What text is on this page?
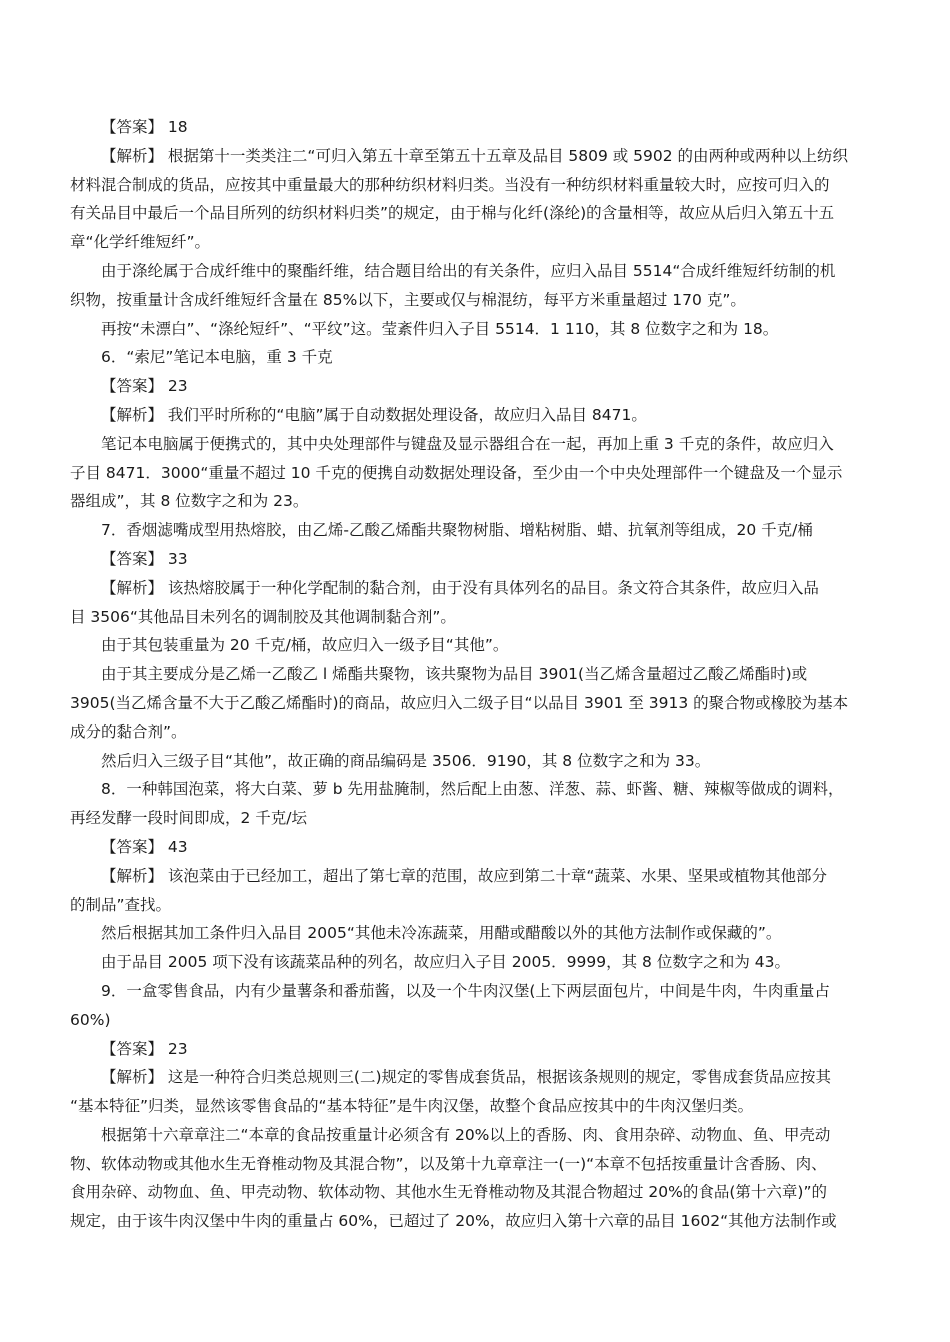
【答案】 18
【解析】 根据第十一类类注二“可归入第五十章至第五十五章及品目 5809 或 5902 的由两种或两种以上纺织
材料混合制成的货品，应按其中重量最大的那种纺织材料归类。当没有一种纺织材料重量较大时，应按可归入的
有关品目中最后一个品目所列的纺织材料归类”的规定，由于棉与化纤(涤纶)的含量相等，故应从后归入第五十五
章“化学纤维短纤”。
由于涤纶属于合成纤维中的聚酯纤维，结合题目给出的有关条件，应归入品目 5514“合成纤维短纤纺制的机
织物，按重量计含成纤维短纤含量在 85%以下，主要或仅与棉混纺，每平方米重量超过 170 克”。
再按“未漂白”、“涤纶短纤”、“平纹”这。莹紊件归入子目 5514．1 110，其 8 位数字之和为 18。
6．“索尼”笔记本电脑，重 3 千克
【答案】 23
【解析】 我们平时所称的“电脑”属于自动数据处理设备，故应归入品目 8471。
笔记本电脑属于便携式的，其中央处理部件与键盘及显示器组合在一起，再加上重 3 千克的条件，故应归入
子目 8471．3000“重量不超过 10 千克的便携自动数据处理设备，至少由一个中央处理部件一个键盘及一个显示
器组成”，其 8 位数字之和为 23。
7．香烟滤嘴成型用热熔胶，由乙烯-乙酸乙烯酯共聚物树脂、增粘树脂、蜡、抗氧剂等组成，20 千克/桶
【答案】 33
【解析】 该热熔胶属于一种化学配制的黏合剂，由于没有具体列名的品目。条文符合其条件，故应归入品
目 3506“其他品目未列名的调制胶及其他调制黏合剂”。
由于其包装重量为 20 千克/桶，故应归入一级予目“其他”。
由于其主要成分是乙烯一乙酸乙 l 烯酯共聚物，该共聚物为品目 3901(当乙烯含量超过乙酸乙烯酯时)或
3905(当乙烯含量不大于乙酸乙烯酯时)的商品，故应归入二级子目“以品目 3901 至 3913 的聚合物或橡胶为基本
成分的黏合剂”。
然后归入三级子目“其他”，故正确的商品编码是 3506．9190，其 8 位数字之和为 33。
8．一种韩国泡菜，将大白菜、萝 b 先用盐腌制，然后配上由葱、洋葱、蒜、虾酱、糖、辣椒等做成的调料，
再经发酵一段时间即成，2 千克/坛
【答案】 43
【解析】 该泡菜由于已经加工，超出了第七章的范围，故应到第二十章“蔬菜、水果、坚果或植物其他部分
的制品”查找。
然后根据其加工条件归入品目 2005“其他未冷冻蔬菜，用醋或醋酸以外的其他方法制作或保藏的”。
由于品目 2005 项下没有该蔬菜品种的列名，故应归入子目 2005．9999，其 8 位数字之和为 43。
9．一盒零售食品，内有少量薯条和番茄酱，以及一个牛肉汉堡(上下两层面包片，中间是牛肉，牛肉重量占
60%)
【答案】 23
【解析】 这是一种符合归类总规则三(二)规定的零售成套货品，根据该条规则的规定，零售成套货品应按其
“基本特征”归类，显然该零售食品的“基本特征”是牛肉汉堡，故整个食品应按其中的牛肉汉堡归类。
根据第十六章章注二“本章的食品按重量计必须含有 20%以上的香肠、肉、食用杂碎、动物血、鱼、甲壳动
物、软体动物或其他水生无脊椎动物及其混合物”，以及第十九章章注一(一)“本章不包括按重量计含香肠、肉、
食用杂碎、动物血、鱼、甲壳动物、软体动物、其他水生无脊椎动物及其混合物超过 20%的食品(第十六章)”的
规定，由于该牛肉汉堡中牛肉的重量占 60%，已超过了 20%，故应归入第十六章的品目 1602“其他方法制作或
